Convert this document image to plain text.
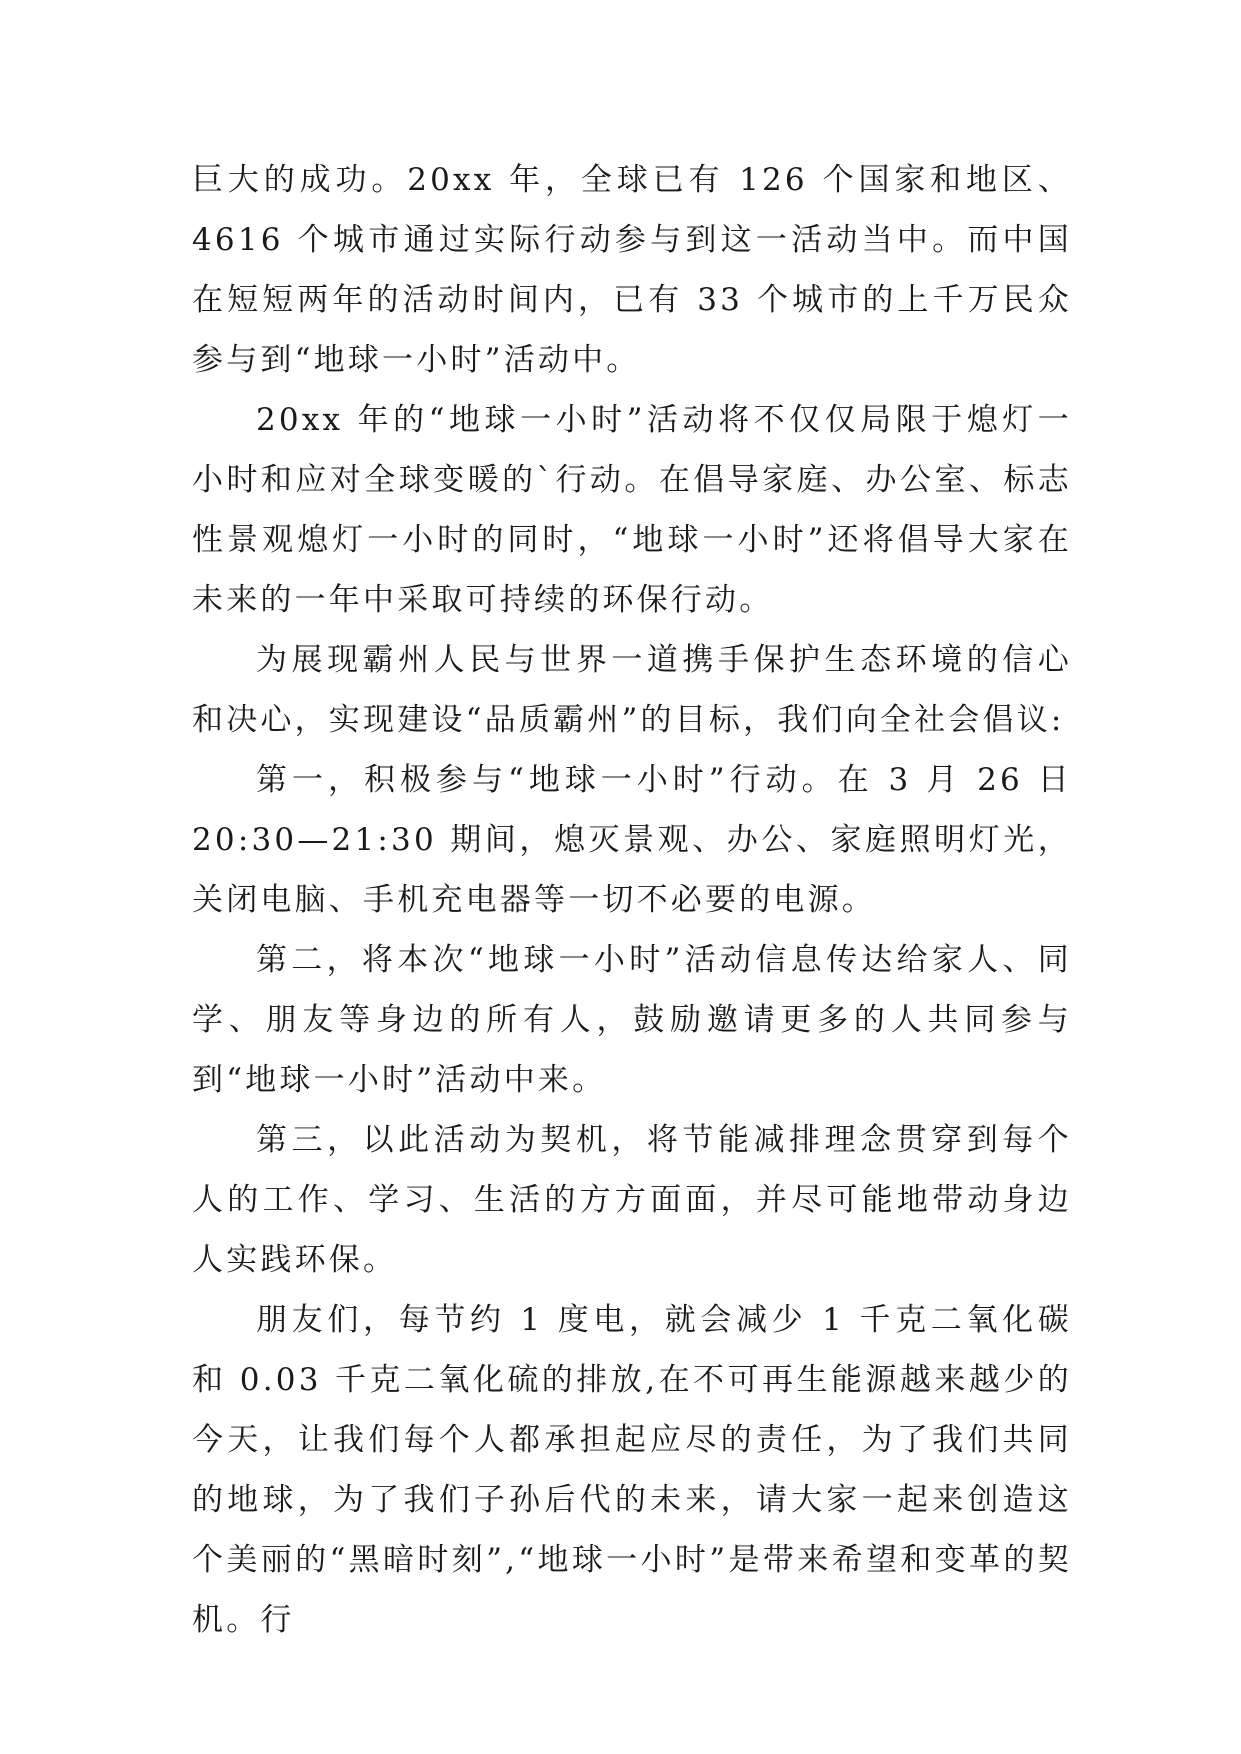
巨大的成功。20xx 年，全球已有 126 个国家和地区、4616 个城市通过实际行动参与到这一活动当中。而中国在短短两年的活动时间内，已有 33 个城市的上千万民众参与到“地球一小时”活动中。

20xx 年的“地球一小时”活动将不仅仅局限于熄灯一小时和应对全球变暖的`行动。在倡导家庭、办公室、标志性景观熄灯一小时的同时，“地球一小时”还将倡导大家在未来的一年中采取可持续的环保行动。

为展现霸州人民与世界一道携手保护生态环境的信心和决心，实现建设“品质霸州”的目标，我们向全社会倡议:

第一，积极参与“地球一小时”行动。在 3 月 26 日 20:30—21:30 期间，熄灭景观、办公、家庭照明灯光，关闭电脑、手机充电器等一切不必要的电源。

第二，将本次“地球一小时”活动信息传达给家人、同学、朋友等身边的所有人，鼓励邀请更多的人共同参与到“地球一小时”活动中来。

第三，以此活动为契机，将节能减排理念贯穿到每个人的工作、学习、生活的方方面面，并尽可能地带动身边人实践环保。

朋友们，每节约 1 度电，就会减少 1 千克二氧化碳和 0.03 千克二氧化硫的排放,在不可再生能源越来越少的今天，让我们每个人都承担起应尽的责任，为了我们共同的地球，为了我们子孙后代的未来，请大家一起来创造这个美丽的“黑暗时刻”,“地球一小时”是带来希望和变革的契机。行
